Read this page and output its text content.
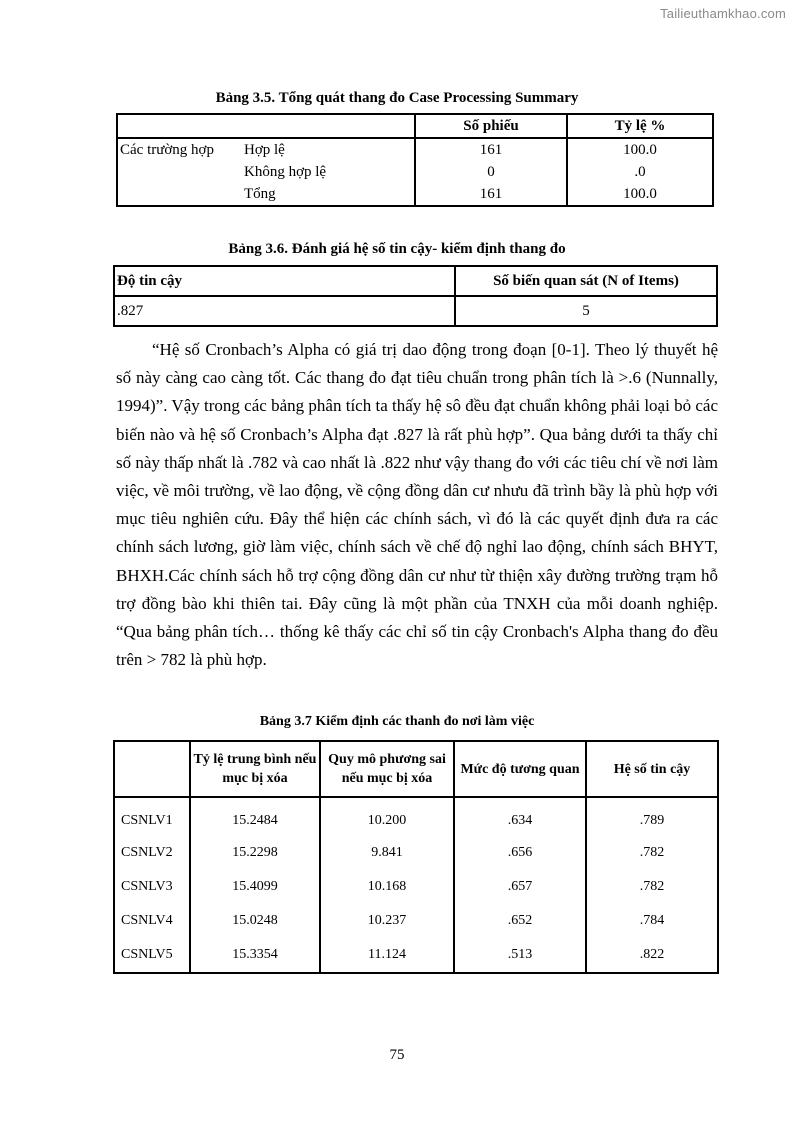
Tailieuthamkhao.com
Bảng 3.5. Tổng quát thang đo Case Processing Summary
		Số phiếu	Tỷ lệ %
Các trường hợp	Hợp lệ	161	100.0
	Không hợp lệ	0	.0
	Tổng	161	100.0
Bảng 3.6. Đánh giá hệ số tin cậy- kiểm định thang đo
Độ tin cậy	Số biến quan sát (N of Items)
.827	5

“Hệ số Cronbach’s Alpha có giá trị dao động trong đoạn [0-1]. Theo lý thuyết hệ số này càng cao càng tốt. Các thang đo đạt tiêu chuẩn trong phân tích là >.6 (Nunnally, 1994)”. Vậy trong các bảng phân tích ta thấy hệ sô đều đạt chuẩn không phải loại bỏ các biến nào và hệ số Cronbach’s Alpha đạt .827 là rất phù hợp”. Qua bảng dưới ta thấy chỉ số này thấp nhất là .782 và cao nhất là .822 như vậy thang đo với các tiêu chí về nơi làm việc, về môi trường, về lao động, về cộng đồng dân cư nhưu đã trình bầy là phù hợp với mục tiêu nghiên cứu. Đây thể hiện các chính sách, vì đó là các quyết định đưa ra các chính sách lương, giờ làm việc, chính sách về chế độ nghỉ lao động, chính sách BHYT, BHXH.Các chính sách hỗ trợ cộng đồng dân cư như từ thiện xây đường trường trạm hỗ trợ đồng bào khi thiên tai. Đây cũng là một phần của TNXH của mỗi doanh nghiệp. “Qua bảng phân tích… thống kê thấy các chỉ số tin cậy Cronbach's Alpha thang đo đều trên > 782 là phù hợp.

Bảng 3.7 Kiểm định các thanh đo nơi làm việc
	Tỷ lệ trung bình nếu mục bị xóa	Quy mô phương sai nếu mục bị xóa	Mức độ tương quan	Hệ số tin cậy
CSNLV1	15.2484	10.200	.634	.789
CSNLV2	15.2298	9.841	.656	.782
CSNLV3	15.4099	10.168	.657	.782
CSNLV4	15.0248	10.237	.652	.784
CSNLV5	15.3354	11.124	.513	.822
75
